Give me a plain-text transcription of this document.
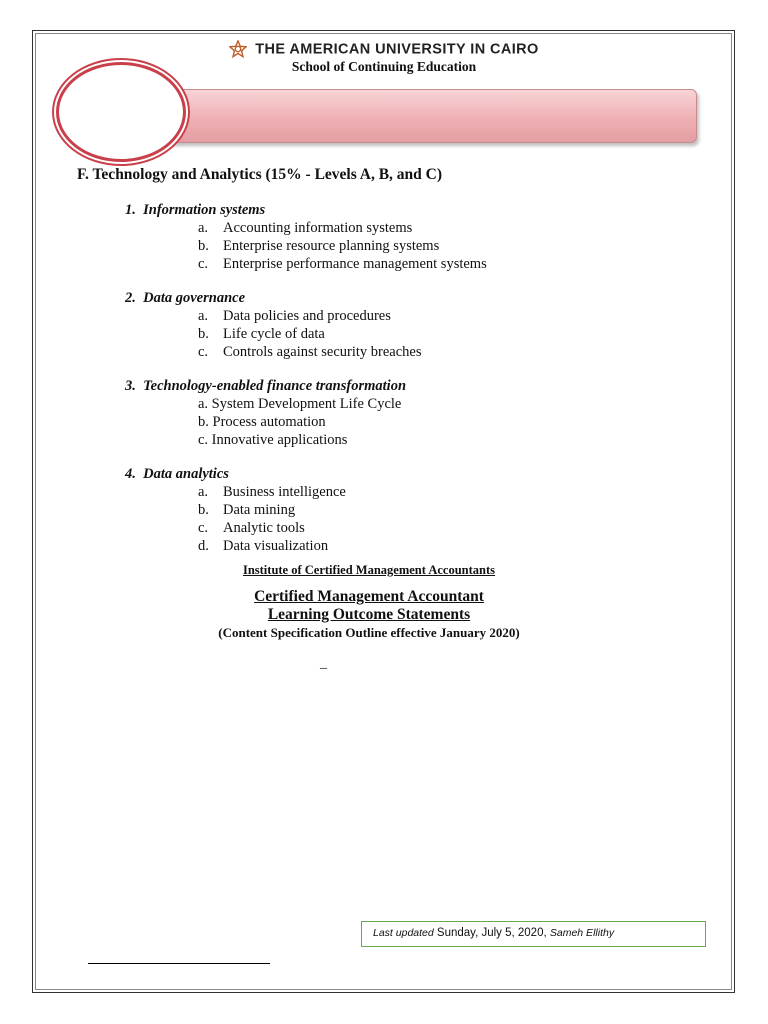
THE AMERICAN UNIVERSITY IN CAIRO
School of Continuing Education
F. Technology and Analytics (15% - Levels A, B, and C)
1. Information systems
a. Accounting information systems
b. Enterprise resource planning systems
c. Enterprise performance management systems
2. Data governance
a. Data policies and procedures
b. Life cycle of data
c. Controls against security breaches
3. Technology-enabled finance transformation
a. System Development Life Cycle
b. Process automation
c. Innovative applications
4. Data analytics
a. Business intelligence
b. Data mining
c. Analytic tools
d. Data visualization
Institute of Certified Management Accountants
Certified Management Accountant
Learning Outcome Statements
(Content Specification Outline effective January 2020)
_
Last updated Sunday, July 5, 2020, Sameh Ellithy
